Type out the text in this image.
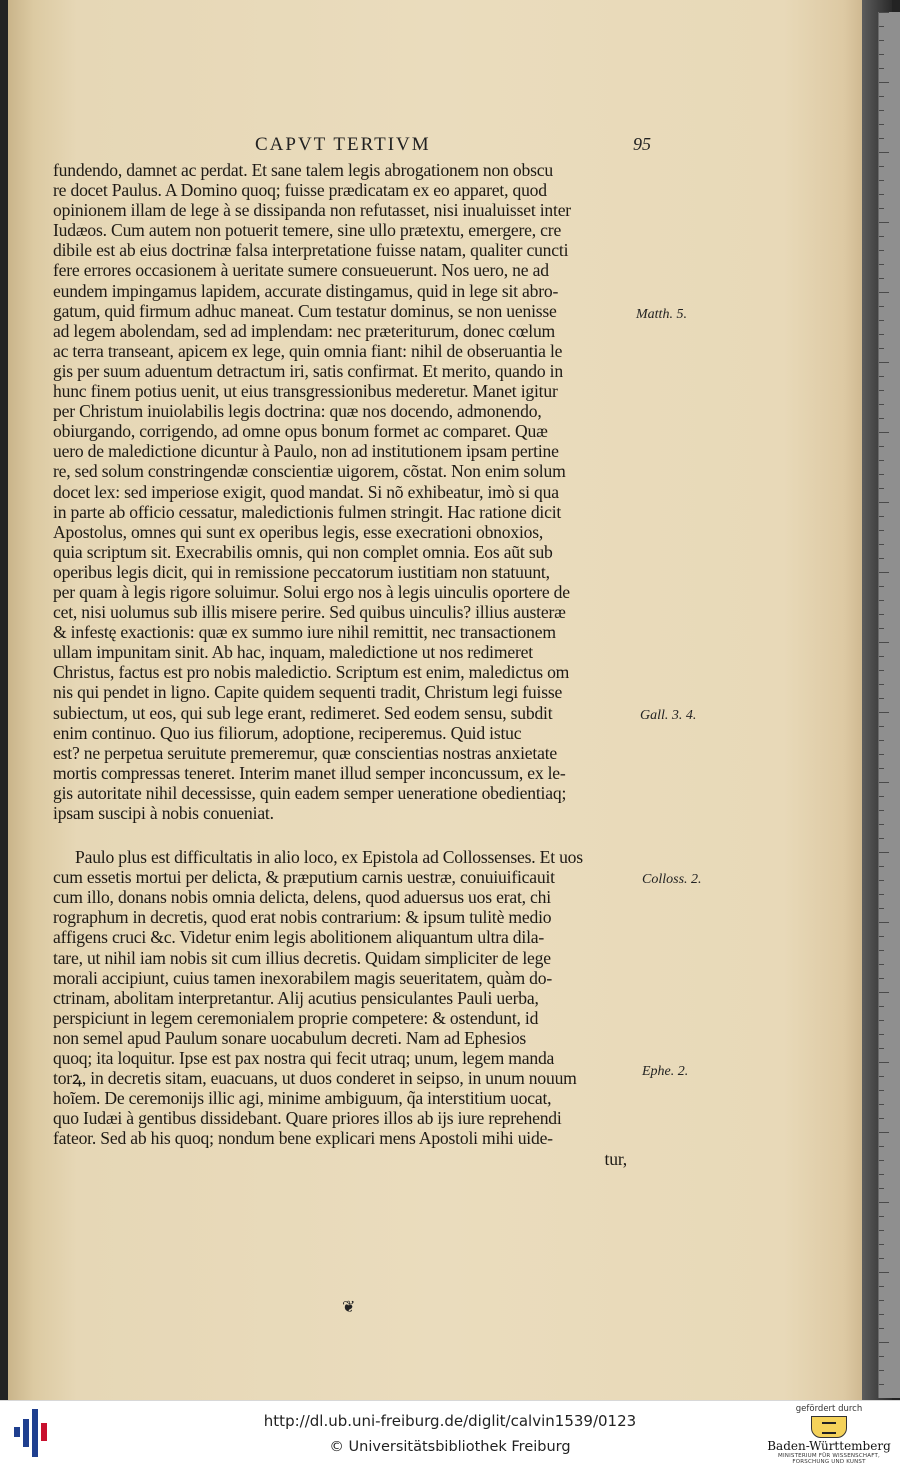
CAPVT TERTIVM	95
fundendo, damnet ac perdat. Et sane talem legis abrogationem non obscu
re docet Paulus. A Domino quoq; fuisse prædicatam ex eo apparet, quod
opinionem illam de lege à se dissipanda non refutasset, nisi inualuisset inter
Iudæos. Cum autem non potuerit temere, sine ullo prætextu, emergere, cre
dibile est ab eius doctrinæ falsa interpretatione fuisse natam, qualiter cuncti
fere errores occasionem à ueritate sumere consueuerunt. Nos uero, ne ad
eundem impingamus lapidem, accurate distingamus, quid in lege sit abro-
gatum, quid firmum adhuc maneat. Cum testatur dominus, se non uenisse
ad legem abolendam, sed ad implendam: nec præteriturum, donec cœlum
ac terra transeant, apicem ex lege, quin omnia fiant: nihil de obseruantia le
gis per suum aduentum detractum iri, satis confirmat. Et merito, quando in
hunc finem potius uenit, ut eius transgressionibus mederetur. Manet igitur
per Christum inuiolabilis legis doctrina: quæ nos docendo, admonendo,
obiurgando, corrigendo, ad omne opus bonum formet ac comparet. Quæ
uero de maledictione dicuntur à Paulo, non ad institutionem ipsam pertine
re, sed solum constringendæ conscientiæ uigorem, cõstat. Non enim solum
docet lex: sed imperiose exigit, quod mandat. Si nõ exhibeatur, imò si qua
in parte ab officio cessatur, maledictionis fulmen stringit. Hac ratione dicit
Apostolus, omnes qui sunt ex operibus legis, esse execrationi obnoxios,
quia scriptum sit. Execrabilis omnis, qui non complet omnia. Eos aũt sub
operibus legis dicit, qui in remissione peccatorum iustitiam non statuunt,
per quam à legis rigore soluimur. Solui ergo nos à legis uinculis oportere de
cet, nisi uolumus sub illis misere perire. Sed quibus uinculis? illius austeræ
& infestę exactionis: quæ ex summo iure nihil remittit, nec transactionem
ullam impunitam sinit. Ab hac, inquam, maledictione ut nos redimeret
Christus, factus est pro nobis maledictio. Scriptum est enim, maledictus om
nis qui pendet in ligno. Capite quidem sequenti tradit, Christum legi fuisse
subiectum, ut eos, qui sub lege erant, redimeret. Sed eodem sensu, subdit
enim continuo. Quo ius filiorum, adoptione, reciperemus. Quid istuc
est? ne perpetua seruitute premeremur, quæ conscientias nostras anxietate
mortis compressas teneret. Interim manet illud semper inconcussum, ex le-
gis autoritate nihil decessisse, quin eadem semper ueneratione obedientiaq;
ipsam suscipi à nobis conueniat.
Paulo plus est difficultatis in alio loco, ex Epistola ad Collossenses. Et uos
cum essetis mortui per delicta, & præputium carnis uestræ, conuiuificauit
cum illo, donans nobis omnia delicta, delens, quod aduersus uos erat, chi
rographum in decretis, quod erat nobis contrarium: & ipsum tulitè medio
affigens cruci &c. Videtur enim legis abolitionem aliquantum ultra dila-
tare, ut nihil iam nobis sit cum illius decretis. Quidam simpliciter de lege
morali accipiunt, cuius tamen inexorabilem magis seueritatem, quàm do-
ctrinam, abolitam interpretantur. Alij acutius pensiculantes Pauli uerba,
perspiciunt in legem ceremonialem proprie competere: & ostendunt, id
non semel apud Paulum sonare uocabulum decreti. Nam ad Ephesios
quoq; ita loquitur. Ipse est pax nostra qui fecit utraq; unum, legem manda
torꝝ, in decretis sitam, euacuans, ut duos conderet in seipso, in unum nouum
hoĩem. De ceremonijs illic agi, minime ambiguum, q̃a interstitium uocat,
quo Iudæi à gentibus dissidebant. Quare priores illos ab ijs iure reprehendi
fateor. Sed ab his quoq; nondum bene explicari mens Apostoli mihi uide-
tur,
Matth. 5.
Gall. 3. 4.
Colloss. 2.
Ephe. 2.
❦
http://dl.ub.uni-freiburg.de/diglit/calvin1539/0123
© Universitätsbibliothek Freiburg
gefördert durch
Baden-Württemberg
MINISTERIUM FÜR WISSENSCHAFT, FORSCHUNG UND KUNST
